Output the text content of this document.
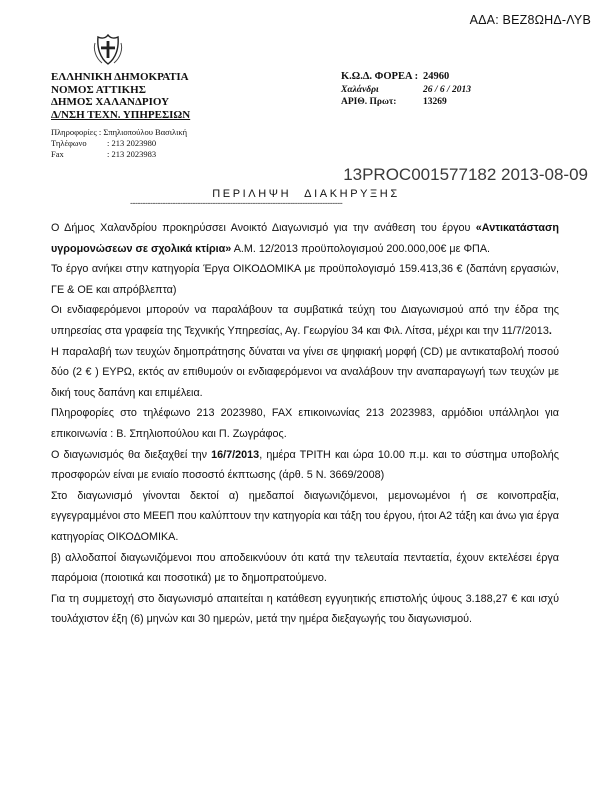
ΑΔΑ: ΒΕΖ8ΩΗΔ-ΛΥΒ
ΕΛΛΗΝΙΚΗ ΔΗΜΟΚΡΑΤΙΑ
ΝΟΜΟΣ ΑΤΤΙΚΗΣ
ΔΗΜΟΣ ΧΑΛΑΝΔΡΙΟΥ
Δ/ΝΣΗ ΤΕΧΝ. ΥΠΗΡΕΣΙΩΝ
Πληροφορίες : Σπηλιοπούλου Βασιλική
Τηλέφωνο : 213 2023980
Fax	: 213 2023983
Κ.Ω.Δ. ΦΟΡΕΑ : 24960
Χαλάνδρι	26 / 6 / 2013
ΑΡΙΘ. Πρωτ:	13269
13PROC001577182 2013-08-09
ΠΕΡΙΛΗΨΗ ΔΙΑΚΗΡΥΞΗΣ
-------------------------------------------------------------------------------------

Ο Δήμος Χαλανδρίου προκηρύσσει Ανοικτό Διαγωνισμό για την ανάθεση του έργου «Αντικατάσταση υγρομονώσεων σε σχολικά κτίρια» Α.Μ. 12/2013 προϋπολογισμού 200.000,00€ με ΦΠΑ.

Το έργο ανήκει στην κατηγορία Έργα ΟΙΚΟΔΟΜΙΚΑ με προϋπολογισμό 159.413,36 € (δαπάνη εργασιών, ΓΕ & ΟΕ και απρόβλεπτα)

Οι ενδιαφερόμενοι μπορούν να παραλάβουν τα συμβατικά τεύχη του Διαγωνισμού από την έδρα της υπηρεσίας στα γραφεία της Τεχνικής Υπηρεσίας, Αγ. Γεωργίου 34 και Φιλ. Λίτσα, μέχρι και την 11/7/2013.

Η παραλαβή των τευχών δημοπράτησης δύναται να γίνει σε ψηφιακή μορφή (CD) με αντικαταβολή ποσού δύο (2 € ) ΕΥΡΩ, εκτός αν επιθυμούν οι ενδιαφερόμενοι να αναλάβουν την αναπαραγωγή των τευχών με δική τους δαπάνη και επιμέλεια.

Πληροφορίες στο τηλέφωνο 213 2023980, FAX επικοινωνίας 213 2023983, αρμόδιοι υπάλληλοι για επικοινωνία : Β. Σπηλιοπούλου και Π. Ζωγράφος.

Ο διαγωνισμός θα διεξαχθεί την 16/7/2013, ημέρα ΤΡΙΤΗ και ώρα 10.00 π.μ. και το σύστημα υποβολής προσφορών είναι με ενιαίο ποσοστό έκπτωσης (άρθ. 5 Ν. 3669/2008)

Στο διαγωνισμό γίνονται δεκτοί α) ημεδαποί διαγωνιζόμενοι, μεμονωμένοι ή σε κοινοπραξία, εγγεγραμμένοι στο ΜΕΕΠ που καλύπτουν την κατηγορία και τάξη του έργου, ήτοι Α2 τάξη και άνω για έργα κατηγορίας ΟΙΚΟΔΟΜΙΚΑ.

β) αλλοδαποί διαγωνιζόμενοι που αποδεικνύουν ότι κατά την τελευταία πενταετία, έχουν εκτελέσει έργα παρόμοια (ποιοτικά και ποσοτικά) με το δημοπρατούμενο.

Για τη συμμετοχή στο διαγωνισμό απαιτείται η κατάθεση εγγυητικής επιστολής ύψους 3.188,27 € και ισχύ τουλάχιστον έξη (6) μηνών και 30 ημερών, μετά την ημέρα διεξαγωγής του διαγωνισμού.
